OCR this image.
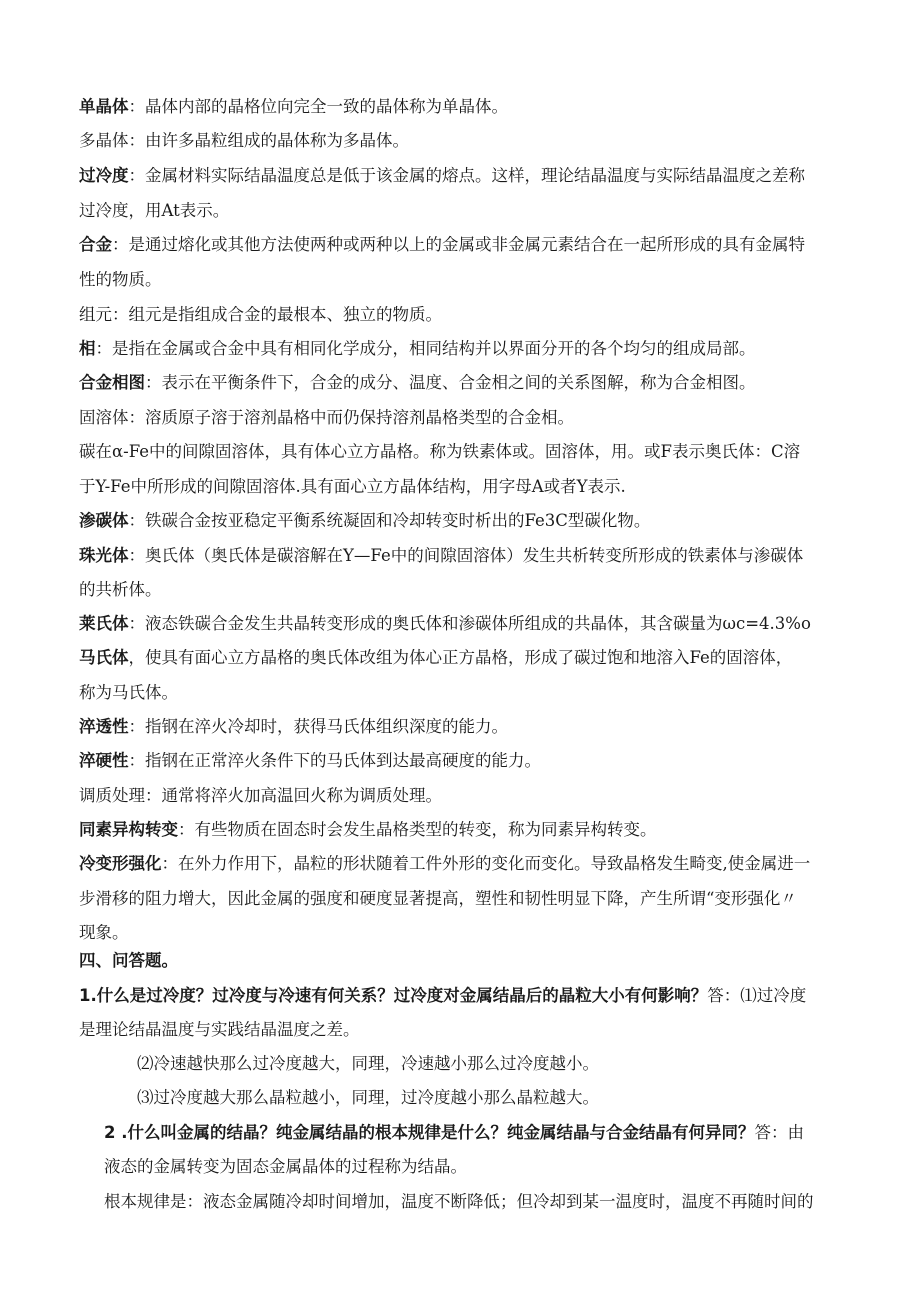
单晶体：晶体内部的晶格位向完全一致的晶体称为单晶体。
多晶体：由许多晶粒组成的晶体称为多晶体。
过冷度：金属材料实际结晶温度总是低于该金属的熔点。这样，理论结晶温度与实际结晶温度之差称
过冷度，用At表示。
合金：是通过熔化或其他方法使两种或两种以上的金属或非金属元素结合在一起所形成的具有金属特
性的物质。
组元：组元是指组成合金的最根本、独立的物质。
相：是指在金属或合金中具有相同化学成分，相同结构并以界面分开的各个均匀的组成局部。
合金相图：表示在平衡条件下，合金的成分、温度、合金相之间的关系图解，称为合金相图。
固溶体：溶质原子溶于溶剂晶格中而仍保持溶剂晶格类型的合金相。
碳在α-Fe中的间隙固溶体，具有体心立方晶格。称为铁素体或。固溶体，用。或F表示奥氏体：C溶
于Y-Fe中所形成的间隙固溶体.具有面心立方晶体结构，用字母A或者Y表示.
渗碳体：铁碳合金按亚稳定平衡系统凝固和冷却转变时析出的Fe3C型碳化物。
珠光体：奥氏体（奥氏体是碳溶解在Y—Fe中的间隙固溶体）发生共析转变所形成的铁素体与渗碳体
的共析体。
莱氏体：液态铁碳合金发生共晶转变形成的奥氏体和渗碳体所组成的共晶体，其含碳量为ωc=4.3%o
马氏体，使具有面心立方晶格的奥氏体改组为体心正方晶格，形成了碳过饱和地溶入Fe的固溶体，
称为马氏体。
淬透性：指钢在淬火冷却时，获得马氏体组织深度的能力。
淬硬性：指钢在正常淬火条件下的马氏体到达最高硬度的能力。
调质处理：通常将淬火加高温回火称为调质处理。
同素异构转变：有些物质在固态时会发生晶格类型的转变，称为同素异构转变。
冷变形强化：在外力作用下，晶粒的形状随着工件外形的变化而变化。导致晶格发生畸变,使金属进一
步滑移的阻力增大，因此金属的强度和硬度显著提高，塑性和韧性明显下降，产生所谓“变形强化〃
现象。
四、问答题。
1.什么是过冷度？过冷度与冷速有何关系？过冷度对金属结晶后的晶粒大小有何影响？答：⑴过冷度
是理论结晶温度与实践结晶温度之差。
⑵冷速越快那么过冷度越大，同理，冷速越小那么过冷度越小。
⑶过冷度越大那么晶粒越小，同理，过冷度越小那么晶粒越大。
2 .什么叫金属的结晶？纯金属结晶的根本规律是什么？纯金属结晶与合金结晶有何异同？答：由
液态的金属转变为固态金属晶体的过程称为结晶。
根本规律是：液态金属随冷却时间增加，温度不断降低；但冷却到某一温度时，温度不再随时间的
